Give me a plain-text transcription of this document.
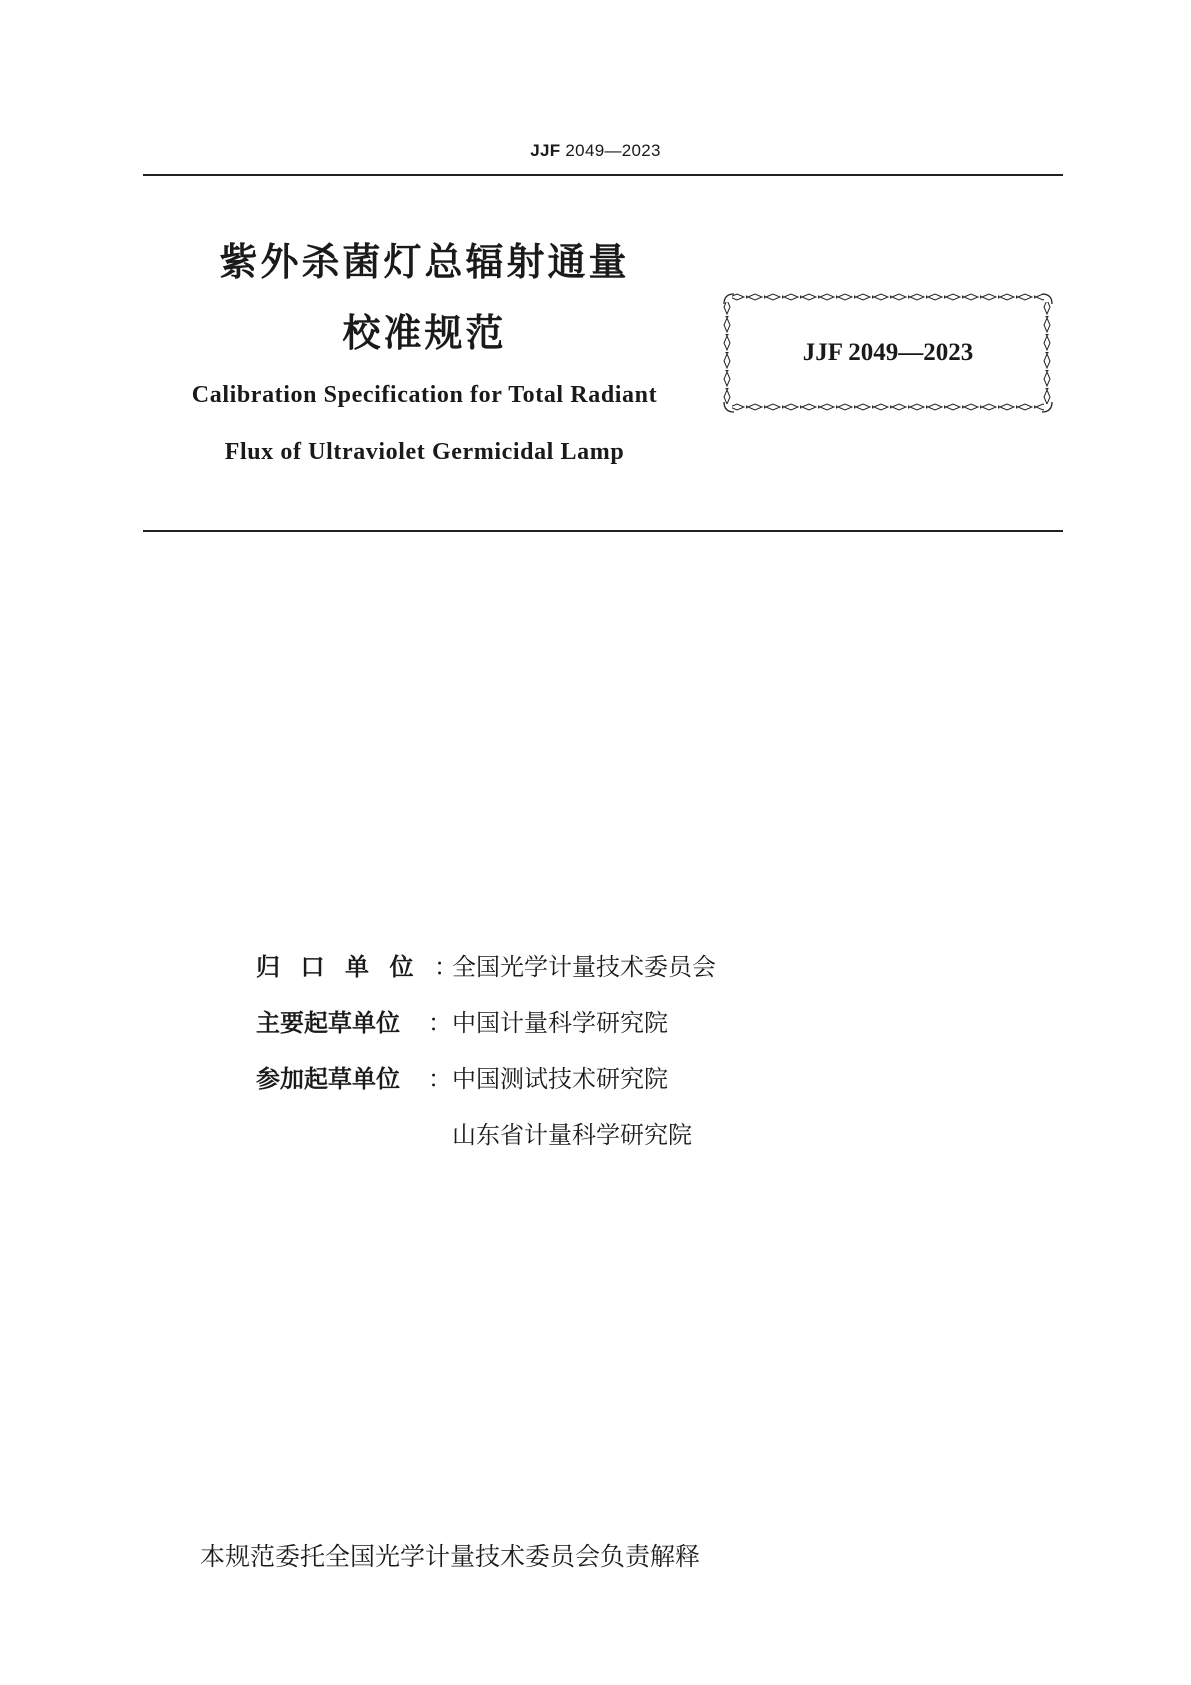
JJF 2049—2023
紫外杀菌灯总辐射通量
校准规范
Calibration Specification for Total Radiant
Flux of Ultraviolet Germicidal Lamp
JJF 2049—2023
归口单位 ：
全国光学计量技术委员会
主要起草单位	： 中国计量科学研究院
参加起草单位	： 中国测试技术研究院
山东省计量科学研究院
本规范委托全国光学计量技术委员会负责解释
